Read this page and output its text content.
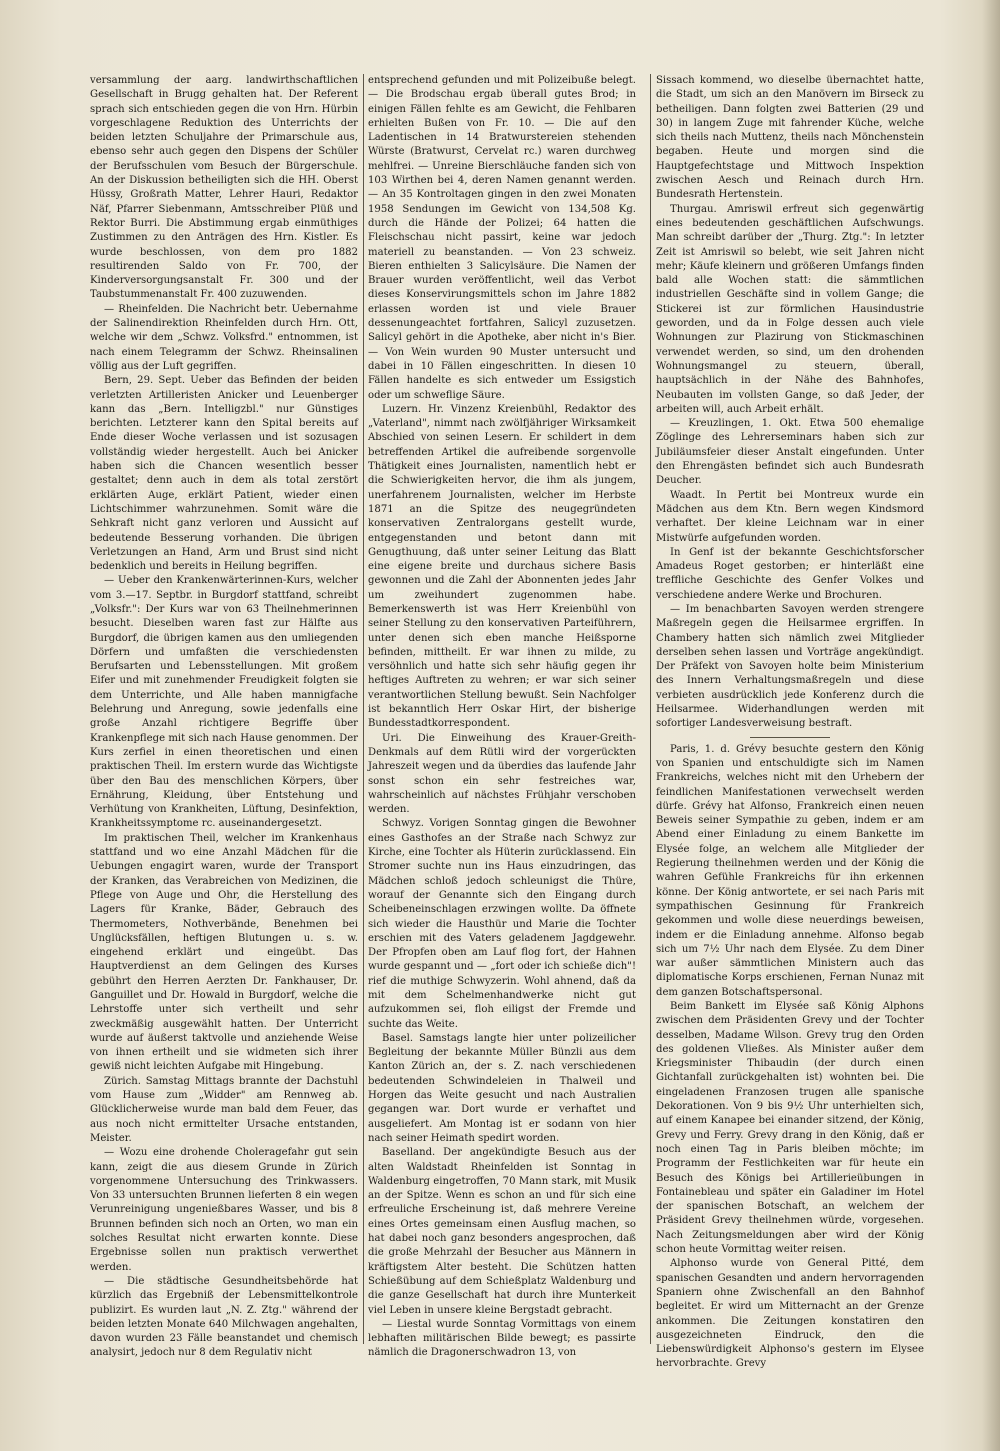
versammlung der aarg. landwirthschaftlichen Gesellschaft in Brugg gehalten hat. Der Referent sprach sich entschieden gegen die von Hrn. Hürbin vorgeschlagene Reduktion des Unterrichts der beiden letzten Schuljahre der Primarschule aus, ebenso sehr auch gegen den Dispens der Schüler der Berufsschulen vom Besuch der Bürgerschule. An der Diskussion betheiligten sich die HH. Oberst Hüssy, Großrath Matter, Lehrer Hauri, Redaktor Näf, Pfarrer Siebenmann, Amtsschreiber Plüß und Rektor Burri. Die Abstimmung ergab einmüthiges Zustimmen zu den Anträgen des Hrn. Kistler. Es wurde beschlossen, von dem pro 1882 resultirenden Saldo von Fr. 700, der Kinderversorgungsanstalt Fr. 300 und der Taubstummenanstalt Fr. 400 zuzuwenden.

— Rheinfelden. Die Nachricht betr. Uebernahme der Salinendirektion Rheinfelden durch Hrn. Ott, welche wir dem „Schwz. Volksfrd." entnommen, ist nach einem Telegramm der Schwz. Rheinsalinen völlig aus der Luft gegriffen.

Bern, 29. Sept. Ueber das Befinden der beiden verletzten Artilleristen Anicker und Leuenberger kann das „Bern. Intelligzbl." nur Günstiges berichten. Letzterer kann den Spital bereits auf Ende dieser Woche verlassen und ist sozusagen vollständig wieder hergestellt. Auch bei Anicker haben sich die Chancen wesentlich besser gestaltet; denn auch in dem als total zerstört erklärten Auge, erklärt Patient, wieder einen Lichtschimmer wahrzunehmen. Somit wäre die Sehkraft nicht ganz verloren und Aussicht auf bedeutende Besserung vorhanden. Die übrigen Verletzungen an Hand, Arm und Brust sind nicht bedenklich und bereits in Heilung begriffen.

— Ueber den Krankenwärterinnen-Kurs, welcher vom 3.—17. Septbr. in Burgdorf stattfand, schreibt „Volksfr.": Der Kurs war von 63 Theilnehmerinnen besucht. Dieselben waren fast zur Hälfte aus Burgdorf, die übrigen kamen aus den umliegenden Dörfern und umfaßten die verschiedensten Berufsarten und Lebensstellungen. Mit großem Eifer und mit zunehmender Freudigkeit folgten sie dem Unterrichte, und Alle haben mannigfache Belehrung und Anregung, sowie jedenfalls eine große Anzahl richtigere Begriffe über Krankenpflege mit sich nach Hause genommen. Der Kurs zerfiel in einen theoretischen und einen praktischen Theil. Im erstern wurde das Wichtigste über den Bau des menschlichen Körpers, über Ernährung, Kleidung, über Entstehung und Verhütung von Krankheiten, Lüftung, Desinfektion, Krankheitssymptome rc. auseinandergesetzt.

Im praktischen Theil, welcher im Krankenhaus stattfand und wo eine Anzahl Mädchen für die Uebungen engagirt waren, wurde der Transport der Kranken, das Verabreichen von Medizinen, die Pflege von Auge und Ohr, die Herstellung des Lagers für Kranke, Bäder, Gebrauch des Thermometers, Nothverbände, Benehmen bei Unglücksfällen, heftigen Blutungen u. s. w. eingehend erklärt und eingeübt. Das Hauptverdienst an dem Gelingen des Kurses gebührt den Herren Aerzten Dr. Fankhauser, Dr. Ganguillet und Dr. Howald in Burgdorf, welche die Lehrstoffe unter sich vertheilt und sehr zweckmäßig ausgewählt hatten. Der Unterricht wurde auf äußerst taktvolle und anziehende Weise von ihnen ertheilt und sie widmeten sich ihrer gewiß nicht leichten Aufgabe mit Hingebung.

Zürich. Samstag Mittags brannte der Dachstuhl vom Hause zum „Widder" am Rennweg ab. Glücklicherweise wurde man bald dem Feuer, das aus noch nicht ermittelter Ursache entstanden, Meister.

— Wozu eine drohende Choleragefahr gut sein kann, zeigt die aus diesem Grunde in Zürich vorgenommene Untersuchung des Trinkwassers. Von 33 untersuchten Brunnen lieferten 8 ein wegen Verunreinigung ungenießbares Wasser, und bis 8 Brunnen befinden sich noch an Orten, wo man ein solches Resultat nicht erwarten konnte. Diese Ergebnisse sollen nun praktisch verwerthet werden.

— Die städtische Gesundheitsbehörde hat kürzlich das Ergebniß der Lebensmittelkontrole publizirt. Es wurden laut „N. Z. Ztg." während der beiden letzten Monate 640 Milchwagen angehalten, davon wurden 23 Fälle beanstandet und chemisch analysirt, jedoch nur 8 dem Regulativ nicht

entsprechend gefunden und mit Polizeibuße belegt. — Die Brodschau ergab überall gutes Brod; in einigen Fällen fehlte es am Gewicht, die Fehlbaren erhielten Bußen von Fr. 10. — Die auf den Ladentischen in 14 Bratwurstereien stehenden Würste (Bratwurst, Cervelat rc.) waren durchweg mehlfrei. — Unreine Bierschläuche fanden sich von 103 Wirthen bei 4, deren Namen genannt werden. — An 35 Kontroltagen gingen in den zwei Monaten 1958 Sendungen im Gewicht von 134,508 Kg. durch die Hände der Polizei; 64 hatten die Fleischschau nicht passirt, keine war jedoch materiell zu beanstanden. — Von 23 schweiz. Bieren enthielten 3 Salicylsäure. Die Namen der Brauer wurden veröffentlicht, weil das Verbot dieses Konservirungsmittels schon im Jahre 1882 erlassen worden ist und viele Brauer dessenungeachtet fortfahren, Salicyl zuzusetzen. Salicyl gehört in die Apotheke, aber nicht in's Bier. — Von Wein wurden 90 Muster untersucht und dabei in 10 Fällen eingeschritten. In diesen 10 Fällen handelte es sich entweder um Essigstich oder um schweflige Säure.

Luzern. Hr. Vinzenz Kreienbühl, Redaktor des „Vaterland", nimmt nach zwölfjähriger Wirksamkeit Abschied von seinen Lesern. Er schildert in dem betreffenden Artikel die aufreibende sorgenvolle Thätigkeit eines Journalisten, namentlich hebt er die Schwierigkeiten hervor, die ihm als jungem, unerfahrenem Journalisten, welcher im Herbste 1871 an die Spitze des neugegründeten konservativen Zentralorgans gestellt wurde, entgegenstanden und betont dann mit Genugthuung, daß unter seiner Leitung das Blatt eine eigene breite und durchaus sichere Basis gewonnen und die Zahl der Abonnenten jedes Jahr um zweihundert zugenommen habe. Bemerkenswerth ist was Herr Kreienbühl von seiner Stellung zu den konservativen Parteiführern, unter denen sich eben manche Heißsporne befinden, mittheilt. Er war ihnen zu milde, zu versöhnlich und hatte sich sehr häufig gegen ihr heftiges Auftreten zu wehren; er war sich seiner verantwortlichen Stellung bewußt. Sein Nachfolger ist bekanntlich Herr Oskar Hirt, der bisherige Bundesstadtkorrespondent.

Uri. Die Einweihung des Krauer-Greith-Denkmals auf dem Rütli wird der vorgerückten Jahreszeit wegen und da überdies das laufende Jahr sonst schon ein sehr festreiches war, wahrscheinlich auf nächstes Frühjahr verschoben werden.

Schwyz. Vorigen Sonntag gingen die Bewohner eines Gasthofes an der Straße nach Schwyz zur Kirche, eine Tochter als Hüterin zurücklassend. Ein Stromer suchte nun ins Haus einzudringen, das Mädchen schloß jedoch schleunigst die Thüre, worauf der Genannte sich den Eingang durch Scheibeneinschlagen erzwingen wollte. Da öffnete sich wieder die Hausthür und Marie die Tochter erschien mit des Vaters geladenem Jagdgewehr. Der Pfropfen oben am Lauf flog fort, der Hahnen wurde gespannt und — „fort oder ich schieße dich"! rief die muthige Schwyzerin. Wohl ahnend, daß da mit dem Schelmenhandwerke nicht gut aufzukommen sei, floh eiligst der Fremde und suchte das Weite.

Basel. Samstags langte hier unter polizeilicher Begleitung der bekannte Müller Bünzli aus dem Kanton Zürich an, der s. Z. nach verschiedenen bedeutenden Schwindeleien in Thalweil und Horgen das Weite gesucht und nach Australien gegangen war. Dort wurde er verhaftet und ausgeliefert. Am Montag ist er sodann von hier nach seiner Heimath spedirt worden.

Baselland. Der angekündigte Besuch aus der alten Waldstadt Rheinfelden ist Sonntag in Waldenburg eingetroffen, 70 Mann stark, mit Musik an der Spitze. Wenn es schon an und für sich eine erfreuliche Erscheinung ist, daß mehrere Vereine eines Ortes gemeinsam einen Ausflug machen, so hat dabei noch ganz besonders angesprochen, daß die große Mehrzahl der Besucher aus Männern in kräftigstem Alter besteht. Die Schützen hatten Schießübung auf dem Schießplatz Waldenburg und die ganze Gesellschaft hat durch ihre Munterkeit viel Leben in unsere kleine Bergstadt gebracht.

— Liestal wurde Sonntag Vormittags von einem lebhaften militärischen Bilde bewegt; es passirte nämlich die Dragonerschwadron 13, von

Sissach kommend, wo dieselbe übernachtet hatte, die Stadt, um sich an den Manövern im Birseck zu betheiligen. Dann folgten zwei Batterien (29 und 30) in langem Zuge mit fahrender Küche, welche sich theils nach Muttenz, theils nach Mönchenstein begaben. Heute und morgen sind die Hauptgefechtstage und Mittwoch Inspektion zwischen Aesch und Reinach durch Hrn. Bundesrath Hertenstein.

Thurgau. Amriswil erfreut sich gegenwärtig eines bedeutenden geschäftlichen Aufschwungs. Man schreibt darüber der „Thurg. Ztg.": In letzter Zeit ist Amriswil so belebt, wie seit Jahren nicht mehr; Käufe kleinern und größeren Umfangs finden bald alle Wochen statt: die sämmtlichen industriellen Geschäfte sind in vollem Gange; die Stickerei ist zur förmlichen Hausindustrie geworden, und da in Folge dessen auch viele Wohnungen zur Plazirung von Stickmaschinen verwendet werden, so sind, um den drohenden Wohnungsmangel zu steuern, überall, hauptsächlich in der Nähe des Bahnhofes, Neubauten im vollsten Gange, so daß Jeder, der arbeiten will, auch Arbeit erhält.

— Kreuzlingen, 1. Okt. Etwa 500 ehemalige Zöglinge des Lehrerseminars haben sich zur Jubiläumsfeier dieser Anstalt eingefunden. Unter den Ehrengästen befindet sich auch Bundesrath Deucher.

Waadt. In Pertit bei Montreux wurde ein Mädchen aus dem Ktn. Bern wegen Kindsmord verhaftet. Der kleine Leichnam war in einer Mistwürfe aufgefunden worden.

In Genf ist der bekannte Geschichtsforscher Amadeus Roget gestorben; er hinterläßt eine treffliche Geschichte des Genfer Volkes und verschiedene andere Werke und Brochuren.

— Im benachbarten Savoyen werden strengere Maßregeln gegen die Heilsarmee ergriffen. In Chambery hatten sich nämlich zwei Mitglieder derselben sehen lassen und Vorträge angekündigt. Der Präfekt von Savoyen holte beim Ministerium des Innern Verhaltungsmaßregeln und diese verbieten ausdrücklich jede Konferenz durch die Heilsarmee. Widerhandlungen werden mit sofortiger Landesverweisung bestraft.

Paris, 1. d. Grévy besuchte gestern den König von Spanien und entschuldigte sich im Namen Frankreichs, welches nicht mit den Urhebern der feindlichen Manifestationen verwechselt werden dürfe. Grévy hat Alfonso, Frankreich einen neuen Beweis seiner Sympathie zu geben, indem er am Abend einer Einladung zu einem Bankette im Elysée folge, an welchem alle Mitglieder der Regierung theilnehmen werden und der König die wahren Gefühle Frankreichs für ihn erkennen könne. Der König antwortete, er sei nach Paris mit sympathischen Gesinnung für Frankreich gekommen und wolle diese neuerdings beweisen, indem er die Einladung annehme. Alfonso begab sich um 7½ Uhr nach dem Elysée. Zu dem Diner war außer sämmtlichen Ministern auch das diplomatische Korps erschienen, Fernan Nunaz mit dem ganzen Botschaftspersonal.

Beim Bankett im Elysée saß König Alphons zwischen dem Präsidenten Grevy und der Tochter desselben, Madame Wilson. Grevy trug den Orden des goldenen Vließes. Als Minister außer dem Kriegsminister Thibaudin (der durch einen Gichtanfall zurückgehalten ist) wohnten bei. Die eingeladenen Franzosen trugen alle spanische Dekorationen. Von 9 bis 9½ Uhr unterhielten sich, auf einem Kanapee bei einander sitzend, der König, Grevy und Ferry. Grevy drang in den König, daß er noch einen Tag in Paris bleiben möchte; im Programm der Festlichkeiten war für heute ein Besuch des Königs bei Artillerieübungen in Fontainebleau und später ein Galadiner im Hotel der spanischen Botschaft, an welchem der Präsident Grevy theilnehmen würde, vorgesehen. Nach Zeitungsmeldungen aber wird der König schon heute Vormittag weiter reisen.

Alphonso wurde von General Pitté, dem spanischen Gesandten und andern hervorragenden Spaniern ohne Zwischenfall an den Bahnhof begleitet. Er wird um Mitternacht an der Grenze ankommen. Die Zeitungen konstatiren den ausgezeichneten Eindruck, den die Liebenswürdigkeit Alphonso's gestern im Elysee hervorbrachte. Grevy
